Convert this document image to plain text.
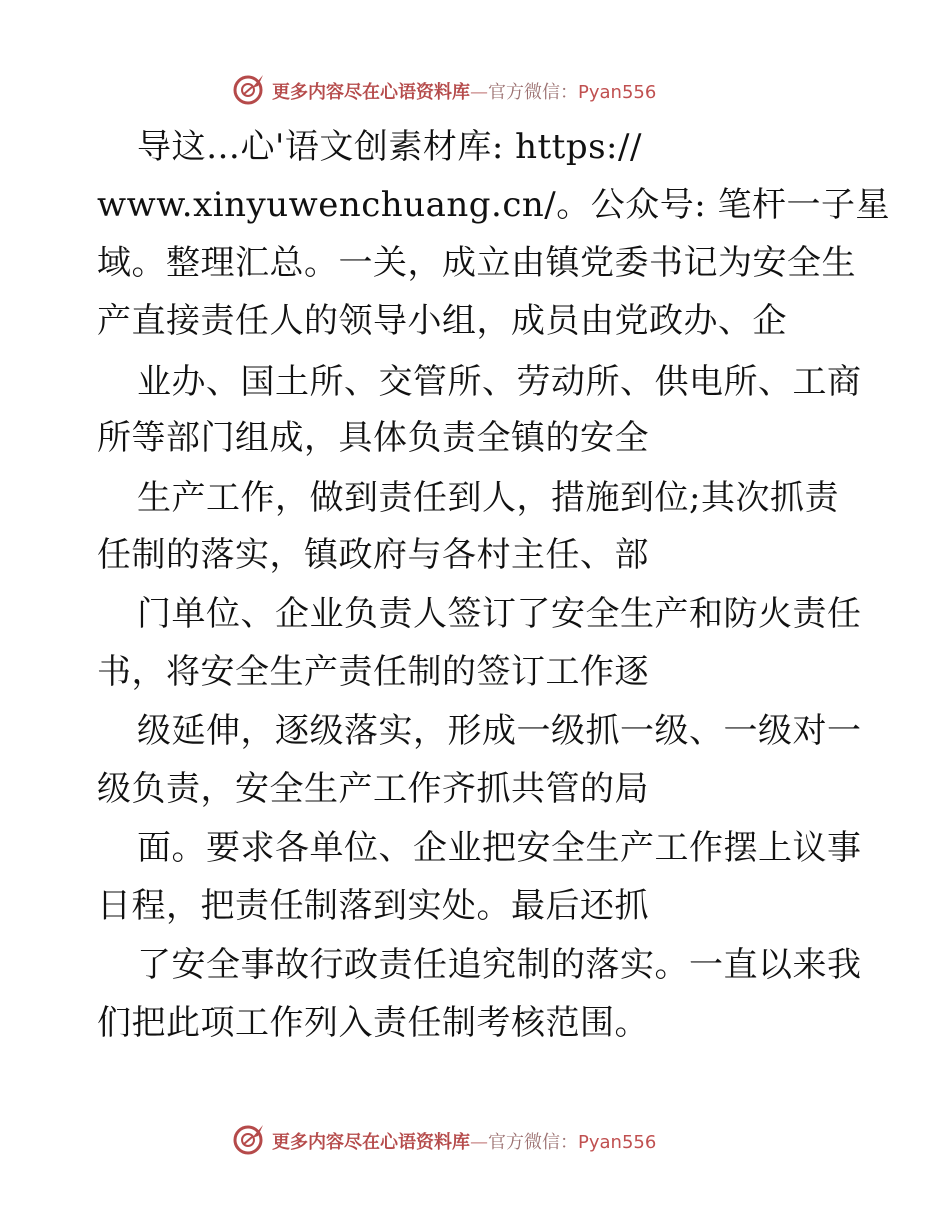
更多内容尽在心语资料库—官方微信：Pyan556
导这…心'语文创素材库: https://
www.xinyuwenchuang.cn/。公众号: 笔杆一子星
域。整理汇总。一关，成立由镇党委书记为安全生
产直接责任人的领导小组，成员由党政办、企
业办、国土所、交管所、劳动所、供电所、工商
所等部门组成，具体负责全镇的安全
生产工作，做到责任到人，措施到位;其次抓责
任制的落实，镇政府与各村主任、部
门单位、企业负责人签订了安全生产和防火责任
书，将安全生产责任制的签订工作逐
级延伸，逐级落实，形成一级抓一级、一级对一
级负责，安全生产工作齐抓共管的局
面。要求各单位、企业把安全生产工作摆上议事
日程，把责任制落到实处。最后还抓
了安全事故行政责任追究制的落实。一直以来我
们把此项工作列入责任制考核范围。
更多内容尽在心语资料库—官方微信：Pyan556
